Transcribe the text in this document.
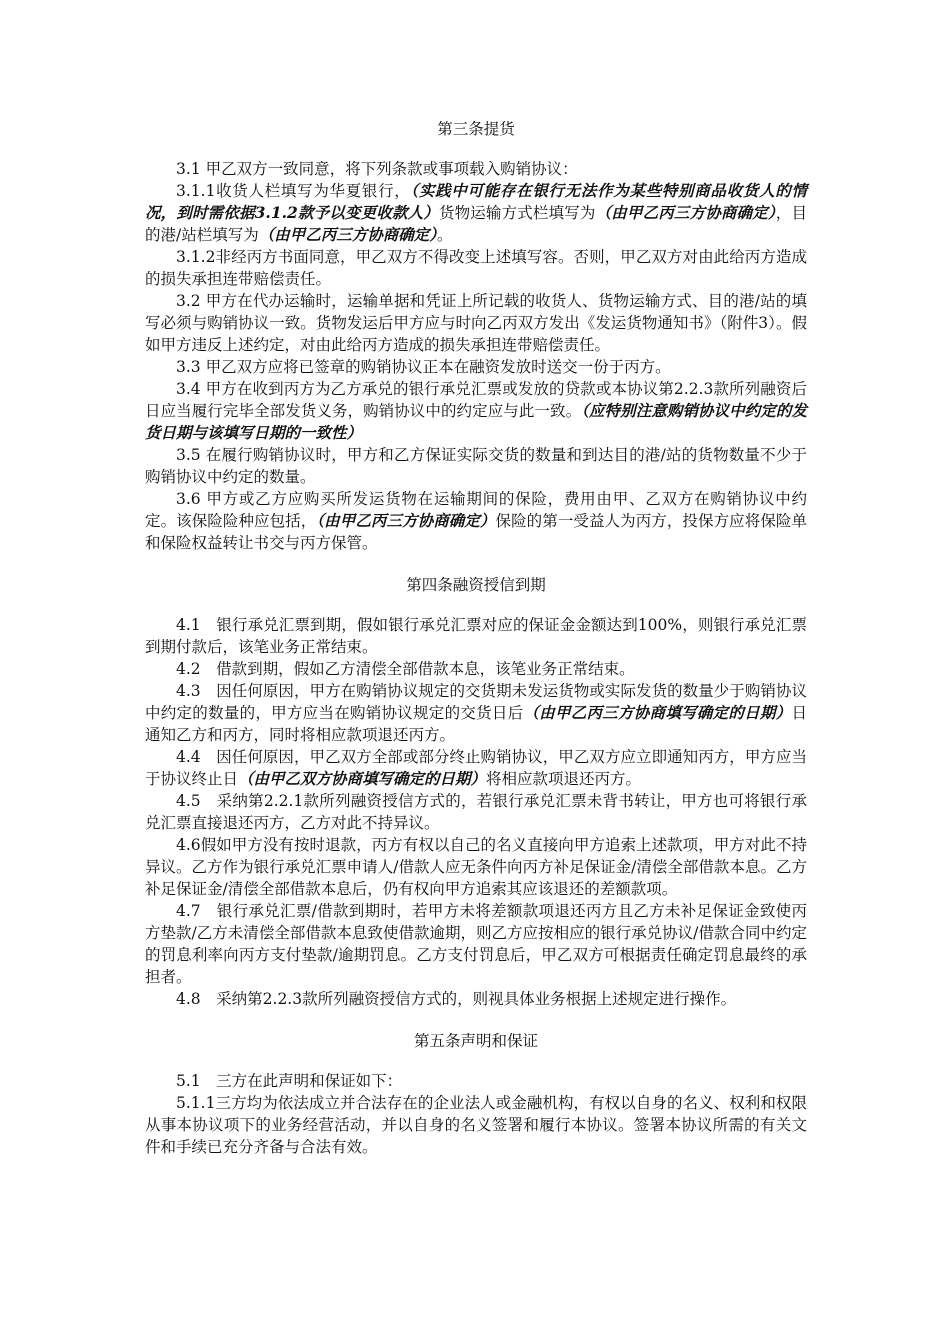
第三条提货

3.1 甲乙双方一致同意，将下列条款或事项载入购销协议：

3.1.1收货人栏填写为华夏银行，（实践中可能存在银行无法作为某些特别商品收货人的情况，到时需依据3.1.2款予以变更收款人）货物运输方式栏填写为（由甲乙丙三方协商确定），目的港/站栏填写为（由甲乙丙三方协商确定）。

3.1.2非经丙方书面同意，甲乙双方不得改变上述填写容。否则，甲乙双方对由此给丙方造成的损失承担连带赔偿责任。

3.2 甲方在代办运输时，运输单据和凭证上所记载的收货人、货物运输方式、目的港/站的填写必须与购销协议一致。货物发运后甲方应与时向乙丙双方发出《发运货物通知书》（附件3）。假如甲方违反上述约定，对由此给丙方造成的损失承担连带赔偿责任。

3.3 甲乙双方应将已签章的购销协议正本在融资发放时送交一份于丙方。

3.4 甲方在收到丙方为乙方承兑的银行承兑汇票或发放的贷款或本协议第2.2.3款所列融资后日应当履行完毕全部发货义务，购销协议中的约定应与此一致。（应特别注意购销协议中约定的发货日期与该填写日期的一致性）

3.5 在履行购销协议时，甲方和乙方保证实际交货的数量和到达目的港/站的货物数量不少于购销协议中约定的数量。

3.6 甲方或乙方应购买所发运货物在运输期间的保险，费用由甲、乙双方在购销协议中约定。该保险险种应包括，（由甲乙丙三方协商确定）保险的第一受益人为丙方，投保方应将保险单和保险权益转让书交与丙方保管。

第四条融资授信到期

4.1　银行承兑汇票到期，假如银行承兑汇票对应的保证金金额达到100%，则银行承兑汇票到期付款后，该笔业务正常结束。

4.2　借款到期，假如乙方清偿全部借款本息，该笔业务正常结束。

4.3　因任何原因，甲方在购销协议规定的交货期未发运货物或实际发货的数量少于购销协议中约定的数量的，甲方应当在购销协议规定的交货日后（由甲乙丙三方协商填写确定的日期）日通知乙方和丙方，同时将相应款项退还丙方。

4.4　因任何原因，甲乙双方全部或部分终止购销协议，甲乙双方应立即通知丙方，甲方应当于协议终止日（由甲乙双方协商填写确定的日期）将相应款项退还丙方。

4.5　采纳第2.2.1款所列融资授信方式的，若银行承兑汇票未背书转让，甲方也可将银行承兑汇票直接退还丙方，乙方对此不持异议。

4.6假如甲方没有按时退款，丙方有权以自己的名义直接向甲方追索上述款项，甲方对此不持异议。乙方作为银行承兑汇票申请人/借款人应无条件向丙方补足保证金/清偿全部借款本息。乙方补足保证金/清偿全部借款本息后，仍有权向甲方追索其应该退还的差额款项。

4.7　银行承兑汇票/借款到期时，若甲方未将差额款项退还丙方且乙方未补足保证金致使丙方垫款/乙方未清偿全部借款本息致使借款逾期，则乙方应按相应的银行承兑协议/借款合同中约定的罚息利率向丙方支付垫款/逾期罚息。乙方支付罚息后，甲乙双方可根据责任确定罚息最终的承担者。

4.8　采纳第2.2.3款所列融资授信方式的，则视具体业务根据上述规定进行操作。

第五条声明和保证

5.1　三方在此声明和保证如下：

5.1.1三方均为依法成立并合法存在的企业法人或金融机构，有权以自身的名义、权利和权限从事本协议项下的业务经营活动，并以自身的名义签署和履行本协议。签署本协议所需的有关文件和手续已充分齐备与合法有效。
